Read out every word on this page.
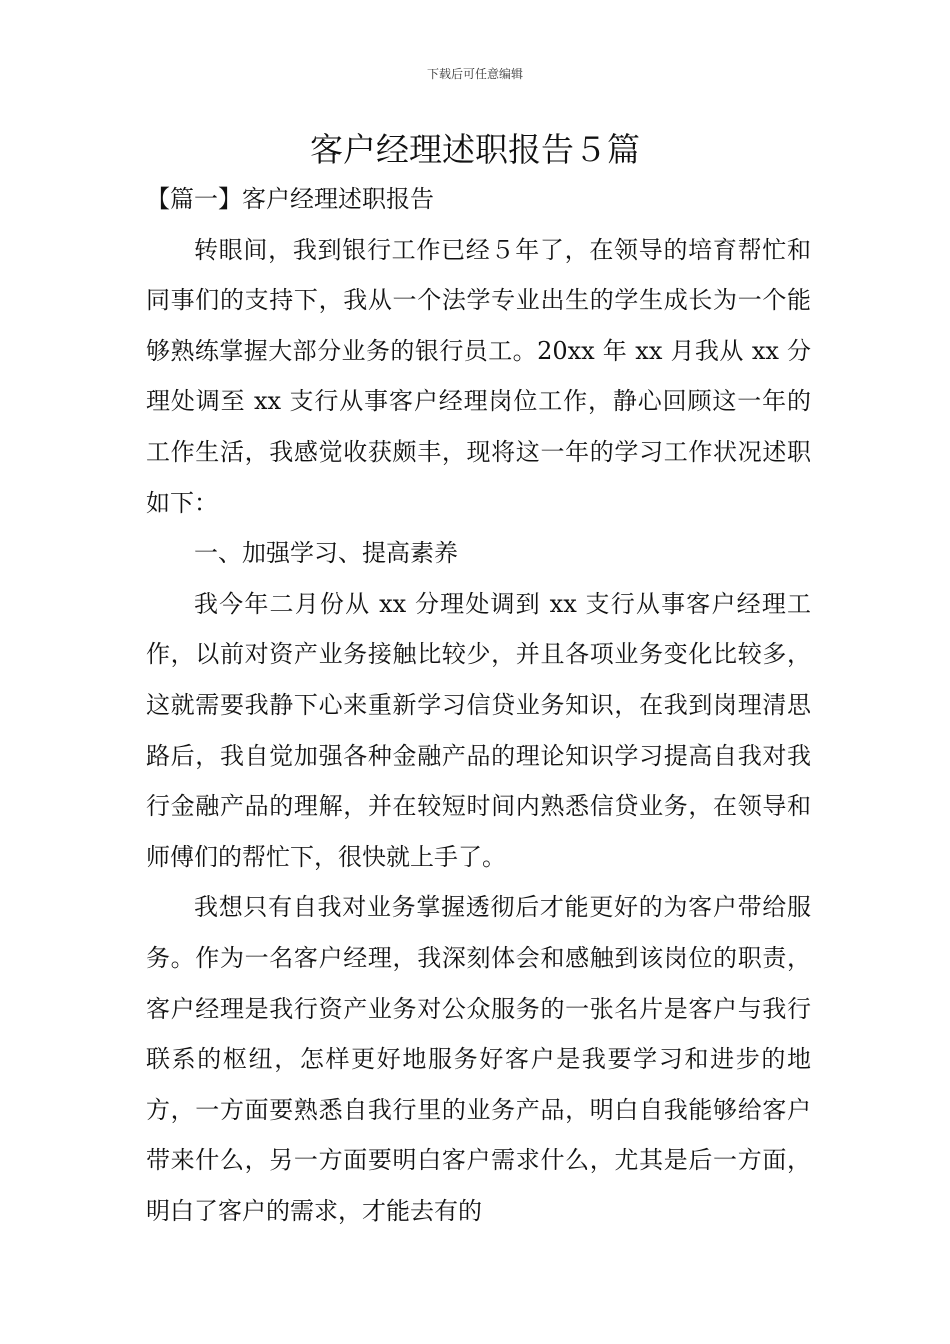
下载后可任意编辑
客户经理述职报告５篇
【篇一】客户经理述职报告

转眼间，我到银行工作已经５年了，在领导的培育帮忙和同事们的支持下，我从一个法学专业出生的学生成长为一个能够熟练掌握大部分业务的银行员工。20xx 年 xx 月我从 xx 分理处调至 xx 支行从事客户经理岗位工作，静心回顾这一年的工作生活，我感觉收获颇丰，现将这一年的学习工作状况述职如下：

一、加强学习、提高素养

我今年二月份从 xx 分理处调到 xx 支行从事客户经理工作，以前对资产业务接触比较少，并且各项业务变化比较多，这就需要我静下心来重新学习信贷业务知识，在我到岗理清思路后，我自觉加强各种金融产品的理论知识学习提高自我对我行金融产品的理解，并在较短时间内熟悉信贷业务，在领导和师傅们的帮忙下，很快就上手了。

我想只有自我对业务掌握透彻后才能更好的为客户带给服务。作为一名客户经理，我深刻体会和感触到该岗位的职责，客户经理是我行资产业务对公众服务的一张名片是客户与我行联系的枢纽，怎样更好地服务好客户是我要学习和进步的地方，一方面要熟悉自我行里的业务产品，明白自我能够给客户带来什么，另一方面要明白客户需求什么，尤其是后一方面，明白了客户的需求，才能去有的
